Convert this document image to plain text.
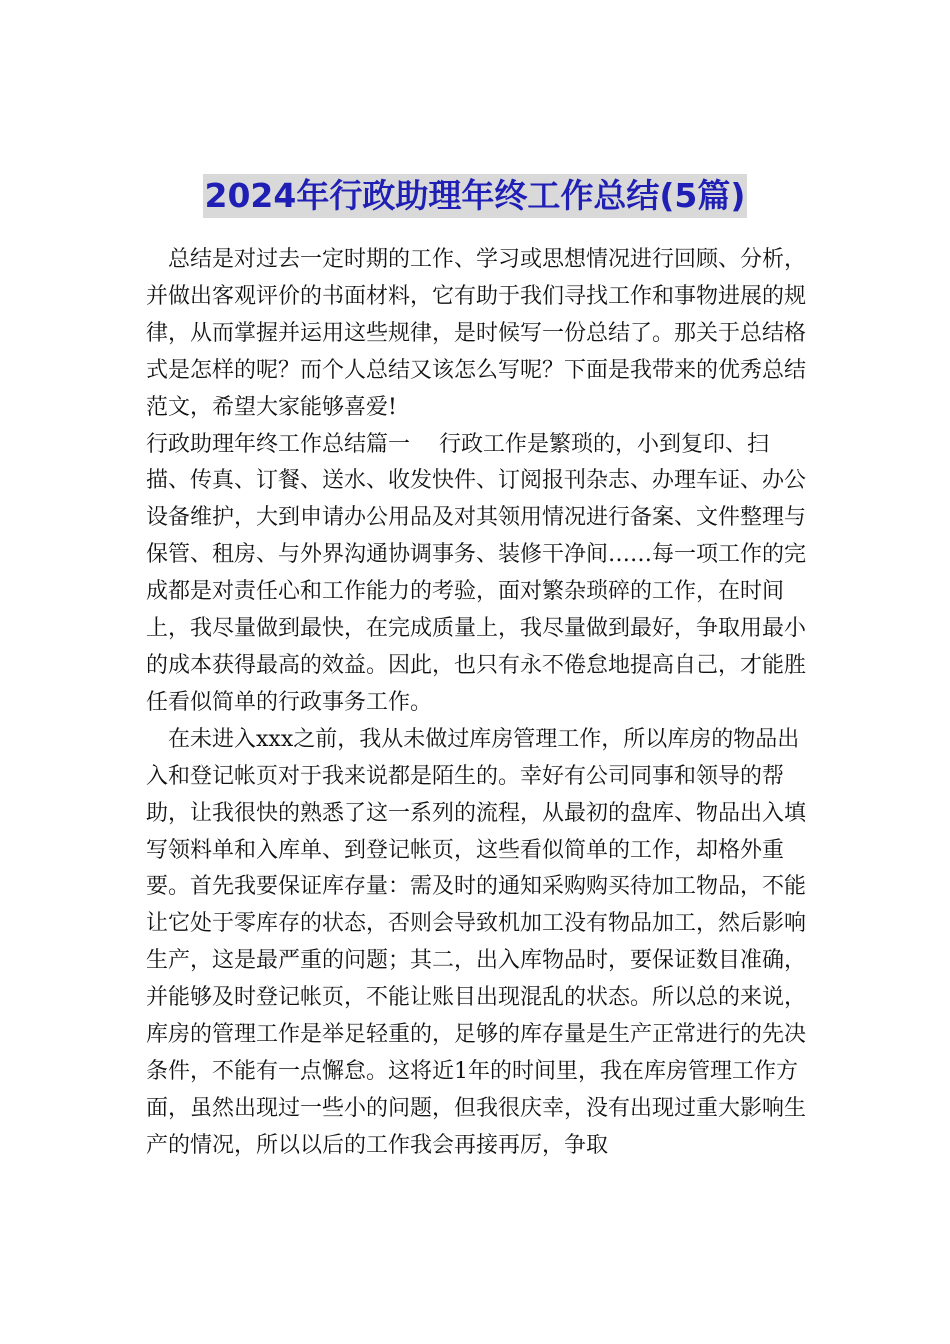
2024年行政助理年终工作总结(5篇)

总结是对过去一定时期的工作、学习或思想情况进行回顾、分析，并做出客观评价的书面材料，它有助于我们寻找工作和事物进展的规律，从而掌握并运用这些规律，是时候写一份总结了。那关于总结格式是怎样的呢？而个人总结又该怎么写呢？下面是我带来的优秀总结范文，希望大家能够喜爱!

行政助理年终工作总结篇一　 行政工作是繁琐的，小到复印、扫描、传真、订餐、送水、收发快件、订阅报刊杂志、办理车证、办公设备维护，大到申请办公用品及对其领用情况进行备案、文件整理与保管、租房、与外界沟通协调事务、装修干净间……每一项工作的完成都是对责任心和工作能力的考验，面对繁杂琐碎的工作，在时间上，我尽量做到最快，在完成质量上，我尽量做到最好，争取用最小的成本获得最高的效益。因此，也只有永不倦怠地提高自己，才能胜任看似简单的行政事务工作。

在未进入xxx之前，我从未做过库房管理工作，所以库房的物品出入和登记帐页对于我来说都是陌生的。幸好有公司同事和领导的帮助，让我很快的熟悉了这一系列的流程，从最初的盘库、物品出入填写领料单和入库单、到登记帐页，这些看似简单的工作，却格外重要。首先我要保证库存量：需及时的通知采购购买待加工物品，不能让它处于零库存的状态，否则会导致机加工没有物品加工，然后影响生产，这是最严重的问题；其二，出入库物品时，要保证数目准确，并能够及时登记帐页，不能让账目出现混乱的状态。所以总的来说，库房的管理工作是举足轻重的，足够的库存量是生产正常进行的先决条件，不能有一点懈怠。这将近1年的时间里，我在库房管理工作方面，虽然出现过一些小的问题，但我很庆幸，没有出现过重大影响生产的情况，所以以后的工作我会再接再厉，争取
